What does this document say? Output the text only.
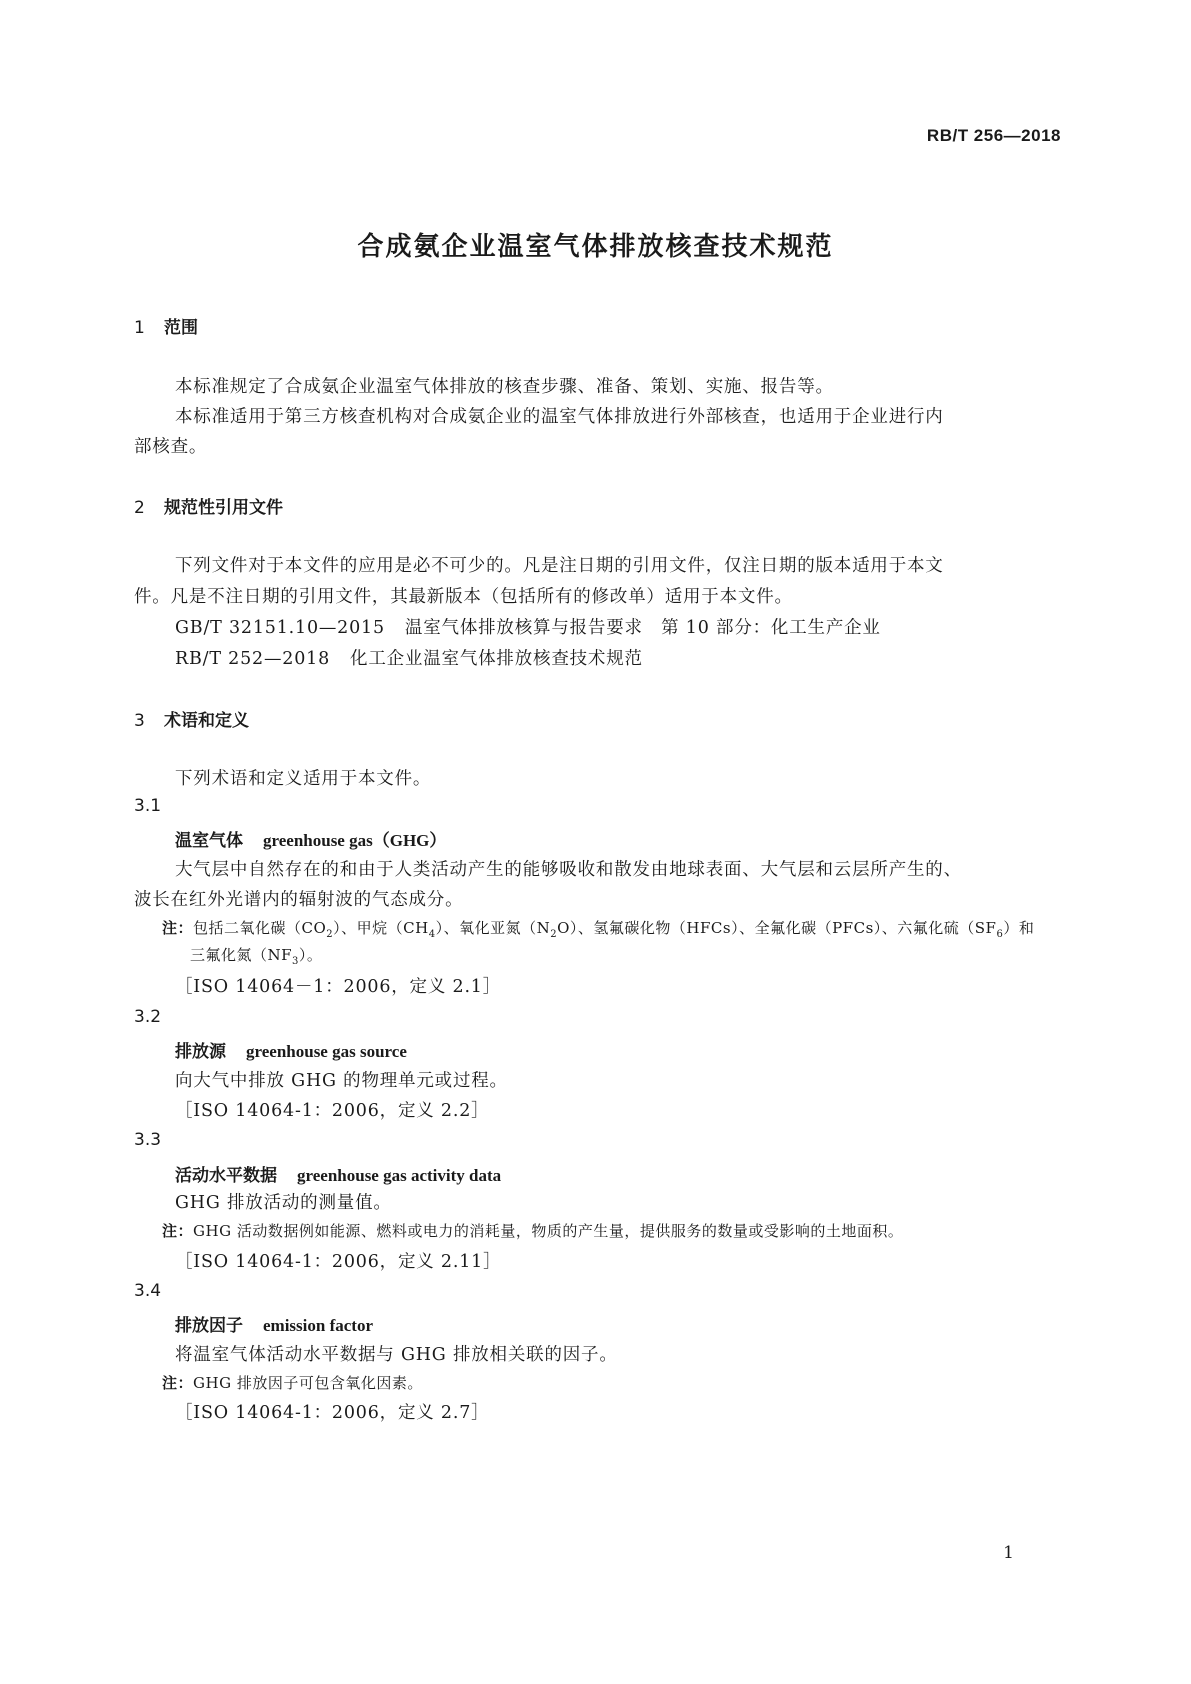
RB/T 256—2018
合成氨企业温室气体排放核查技术规范
1 范围
本标准规定了合成氨企业温室气体排放的核查步骤、准备、策划、实施、报告等。
本标准适用于第三方核查机构对合成氨企业的温室气体排放进行外部核查，也适用于企业进行内
部核查。
2 规范性引用文件
下列文件对于本文件的应用是必不可少的。凡是注日期的引用文件，仅注日期的版本适用于本文
件。凡是不注日期的引用文件，其最新版本（包括所有的修改单）适用于本文件。
GB/T 32151.10—2015 温室气体排放核算与报告要求　第 10 部分：化工生产企业
RB/T 252—2018 化工企业温室气体排放核查技术规范
3 术语和定义
下列术语和定义适用于本文件。
3.1
温室气体 greenhouse gas（GHG）
大气层中自然存在的和由于人类活动产生的能够吸收和散发由地球表面、大气层和云层所产生的、
波长在红外光谱内的辐射波的气态成分。
注：包括二氧化碳$(CO_2)$、甲烷$(CH_4)$、氧化亚氮$(N_2O)$、氢氟碳化物（HFCs）、全氟化碳（PFCs）、六氟化硫$(SF_6)$和
三氟化氮$(NF_3)$。
［ISO 14064－1：2006，定义 2.1］
3.2
排放源 greenhouse gas source
向大气中排放 GHG 的物理单元或过程。
［ISO 14064-1：2006，定义 2.2］
3.3
活动水平数据 greenhouse gas activity data
GHG 排放活动的测量值。
注：GHG 活动数据例如能源、燃料或电力的消耗量，物质的产生量，提供服务的数量或受影响的土地面积。
［ISO 14064-1：2006，定义 2.11］
3.4
排放因子 emission factor
将温室气体活动水平数据与 GHG 排放相关联的因子。
注：GHG 排放因子可包含氧化因素。
［ISO 14064-1：2006，定义 2.7］
1
